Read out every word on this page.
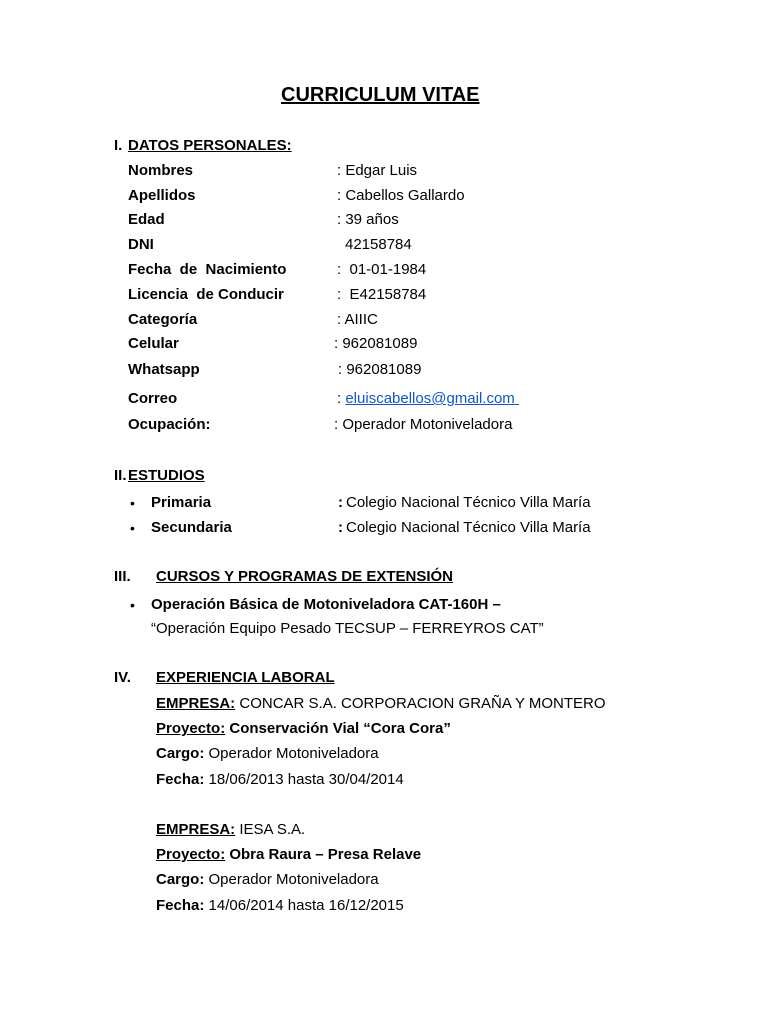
CURRICULUM VITAE
I. DATOS PERSONALES:
Nombres	: Edgar Luis
Apellidos	: Cabellos Gallardo
Edad	: 39 años
DNI	42158784
Fecha  de  Nacimiento	:  01-01-1984
Licencia  de Conducir	:  E42158784
Categoría	: AIIIC
Celular	: 962081089
Whatsapp	: 962081089
Correo	: eluiscabellos@gmail.com
Ocupación:	: Operador Motoniveladora
II. ESTUDIOS
• Primaria	: Colegio Nacional Técnico Villa María
• Secundaria	: Colegio Nacional Técnico Villa María
III. CURSOS Y PROGRAMAS DE EXTENSIÓN
• Operación Básica de Motoniveladora CAT-160H –
“Operación Equipo Pesado TECSUP – FERREYROS CAT”
IV. EXPERIENCIA LABORAL
EMPRESA: CONCAR S.A. CORPORACION GRAÑA Y MONTERO
Proyecto: Conservación Vial “Cora Cora”
Cargo: Operador Motoniveladora
Fecha: 18/06/2013 hasta 30/04/2014
EMPRESA: IESA S.A.
Proyecto: Obra Raura – Presa Relave
Cargo: Operador Motoniveladora
Fecha: 14/06/2014 hasta 16/12/2015
